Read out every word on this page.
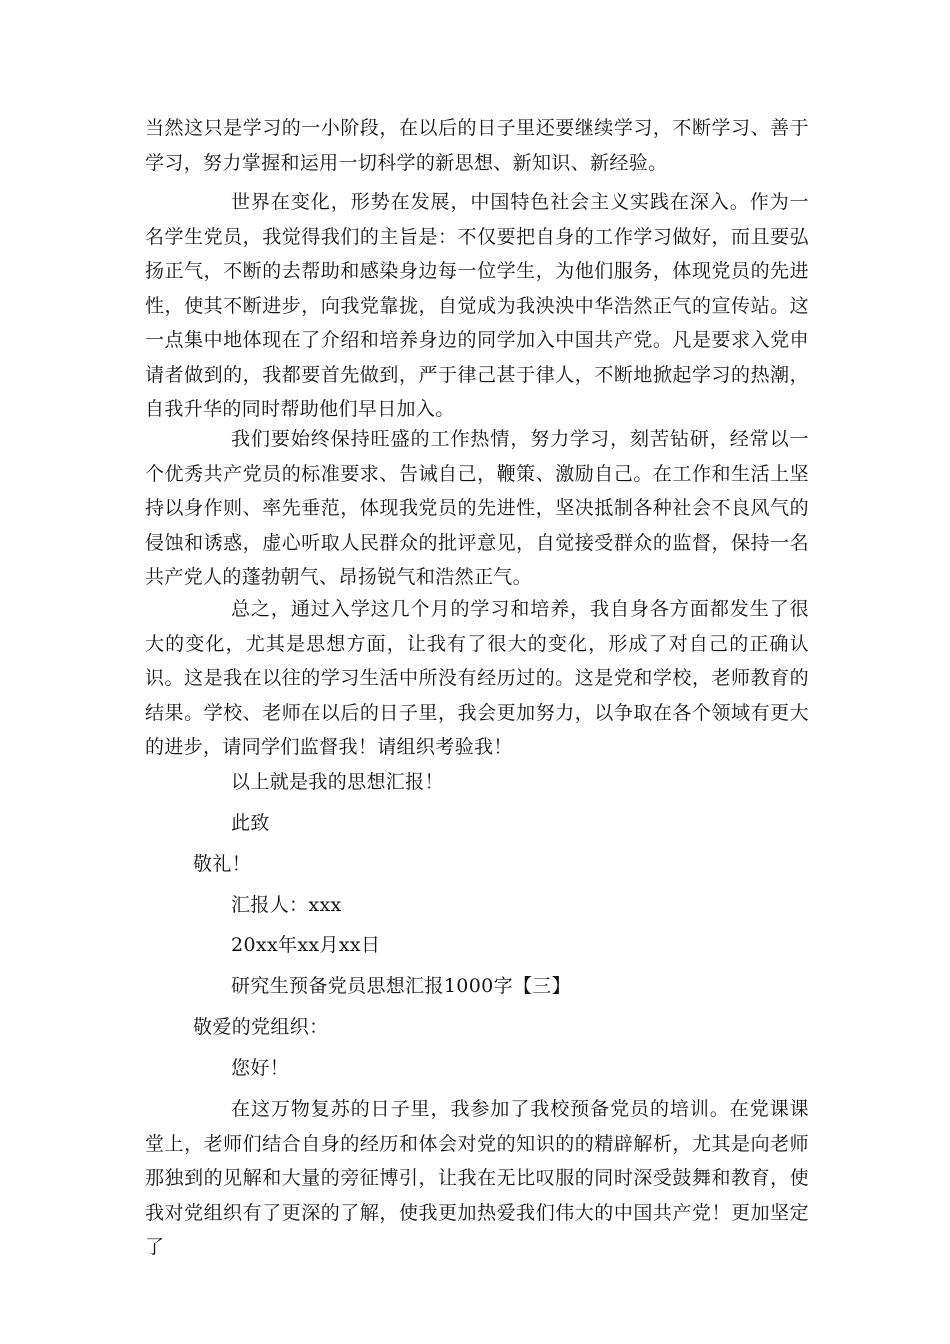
当然这只是学习的一小阶段，在以后的日子里还要继续学习，不断学习、善于学习，努力掌握和运用一切科学的新思想、新知识、新经验。
世界在变化，形势在发展，中国特色社会主义实践在深入。作为一名学生党员，我觉得我们的主旨是：不仅要把自身的工作学习做好，而且要弘扬正气，不断的去帮助和感染身边每一位学生，为他们服务，体现党员的先进性，使其不断进步，向我党靠拢，自觉成为我泱泱中华浩然正气的宣传站。这一点集中地体现在了介绍和培养身边的同学加入中国共产党。凡是要求入党申请者做到的，我都要首先做到，严于律己甚于律人，不断地掀起学习的热潮，自我升华的同时帮助他们早日加入。
我们要始终保持旺盛的工作热情，努力学习，刻苦钻研，经常以一个优秀共产党员的标准要求、告诫自己，鞭策、激励自己。在工作和生活上坚持以身作则、率先垂范，体现我党员的先进性，坚决抵制各种社会不良风气的侵蚀和诱惑，虚心听取人民群众的批评意见，自觉接受群众的监督，保持一名共产党人的蓬勃朝气、昂扬锐气和浩然正气。
总之，通过入学这几个月的学习和培养，我自身各方面都发生了很大的变化，尤其是思想方面，让我有了很大的变化，形成了对自己的正确认识。这是我在以往的学习生活中所没有经历过的。这是党和学校，老师教育的结果。学校、老师在以后的日子里，我会更加努力，以争取在各个领域有更大的进步，请同学们监督我！请组织考验我！
以上就是我的思想汇报！
此致
敬礼！
汇报人：xxx
20xx年xx月xx日
研究生预备党员思想汇报1000字【三】
敬爱的党组织：
您好！
在这万物复苏的日子里，我参加了我校预备党员的培训。在党课课堂上，老师们结合自身的经历和体会对党的知识的的精辟解析，尤其是向老师那独到的见解和大量的旁征博引，让我在无比叹服的同时深受鼓舞和教育，使我对党组织有了更深的了解，使我更加热爱我们伟大的中国共产党！更加坚定了
